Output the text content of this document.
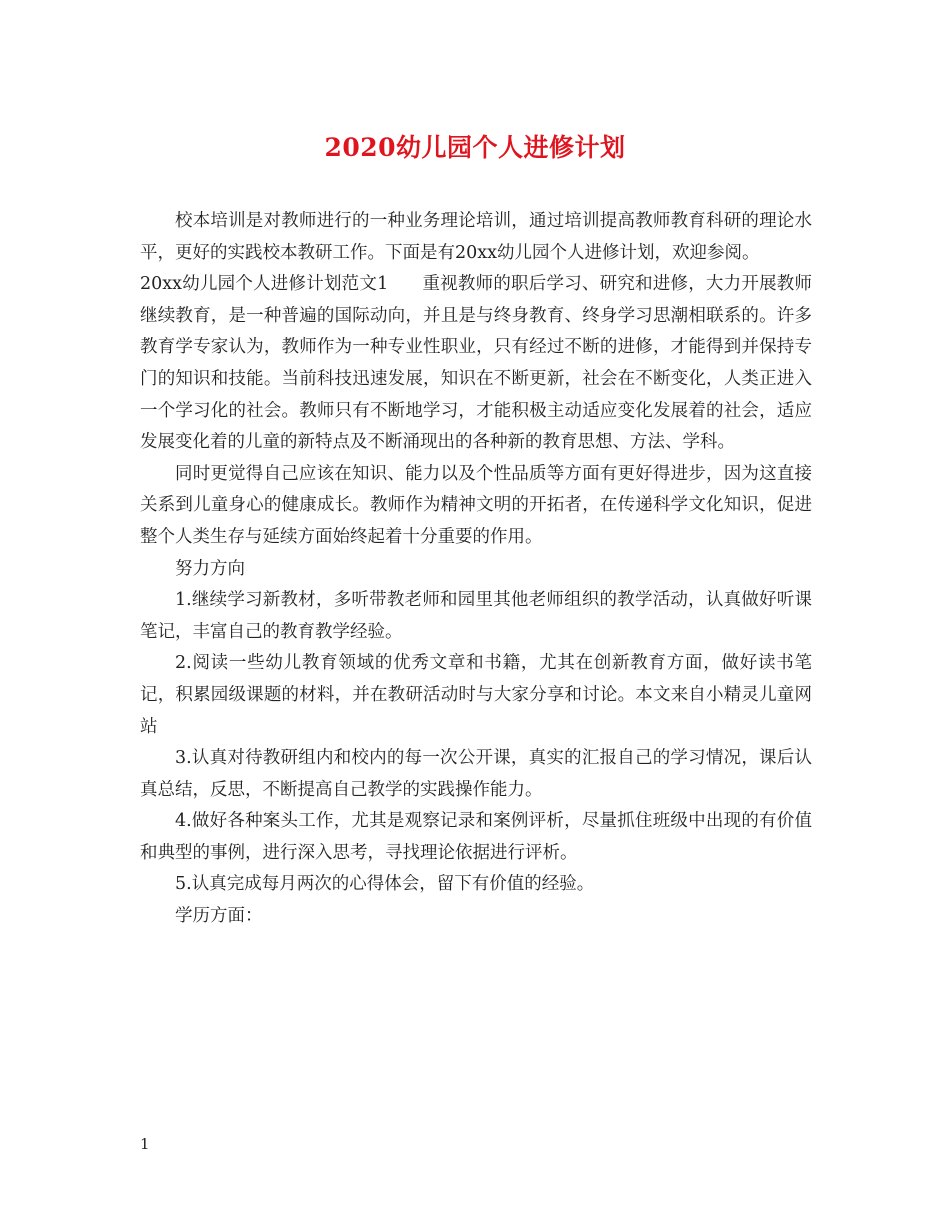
2020幼儿园个人进修计划

校本培训是对教师进行的一种业务理论培训，通过培训提高教师教育科研的理论水平，更好的实践校本教研工作。下面是有20xx幼儿园个人进修计划，欢迎参阅。

20xx幼儿园个人进修计划范文1 重视教师的职后学习、研究和进修，大力开展教师继续教育，是一种普遍的国际动向，并且是与终身教育、终身学习思潮相联系的。许多教育学专家认为，教师作为一种专业性职业，只有经过不断的进修，才能得到并保持专门的知识和技能。当前科技迅速发展，知识在不断更新，社会在不断变化，人类正进入一个学习化的社会。教师只有不断地学习，才能积极主动适应变化发展着的社会，适应发展变化着的儿童的新特点及不断涌现出的各种新的教育思想、方法、学科。

同时更觉得自己应该在知识、能力以及个性品质等方面有更好得进步，因为这直接关系到儿童身心的健康成长。教师作为精神文明的开拓者，在传递科学文化知识，促进整个人类生存与延续方面始终起着十分重要的作用。

努力方向

1.继续学习新教材，多听带教老师和园里其他老师组织的教学活动，认真做好听课笔记，丰富自己的教育教学经验。

2.阅读一些幼儿教育领域的优秀文章和书籍，尤其在创新教育方面，做好读书笔记，积累园级课题的材料，并在教研活动时与大家分享和讨论。本文来自小精灵儿童网站

3.认真对待教研组内和校内的每一次公开课，真实的汇报自己的学习情况，课后认真总结，反思，不断提高自己教学的实践操作能力。

4.做好各种案头工作，尤其是观察记录和案例评析，尽量抓住班级中出现的有价值和典型的事例，进行深入思考，寻找理论依据进行评析。

5.认真完成每月两次的心得体会，留下有价值的经验。

学历方面：

1
